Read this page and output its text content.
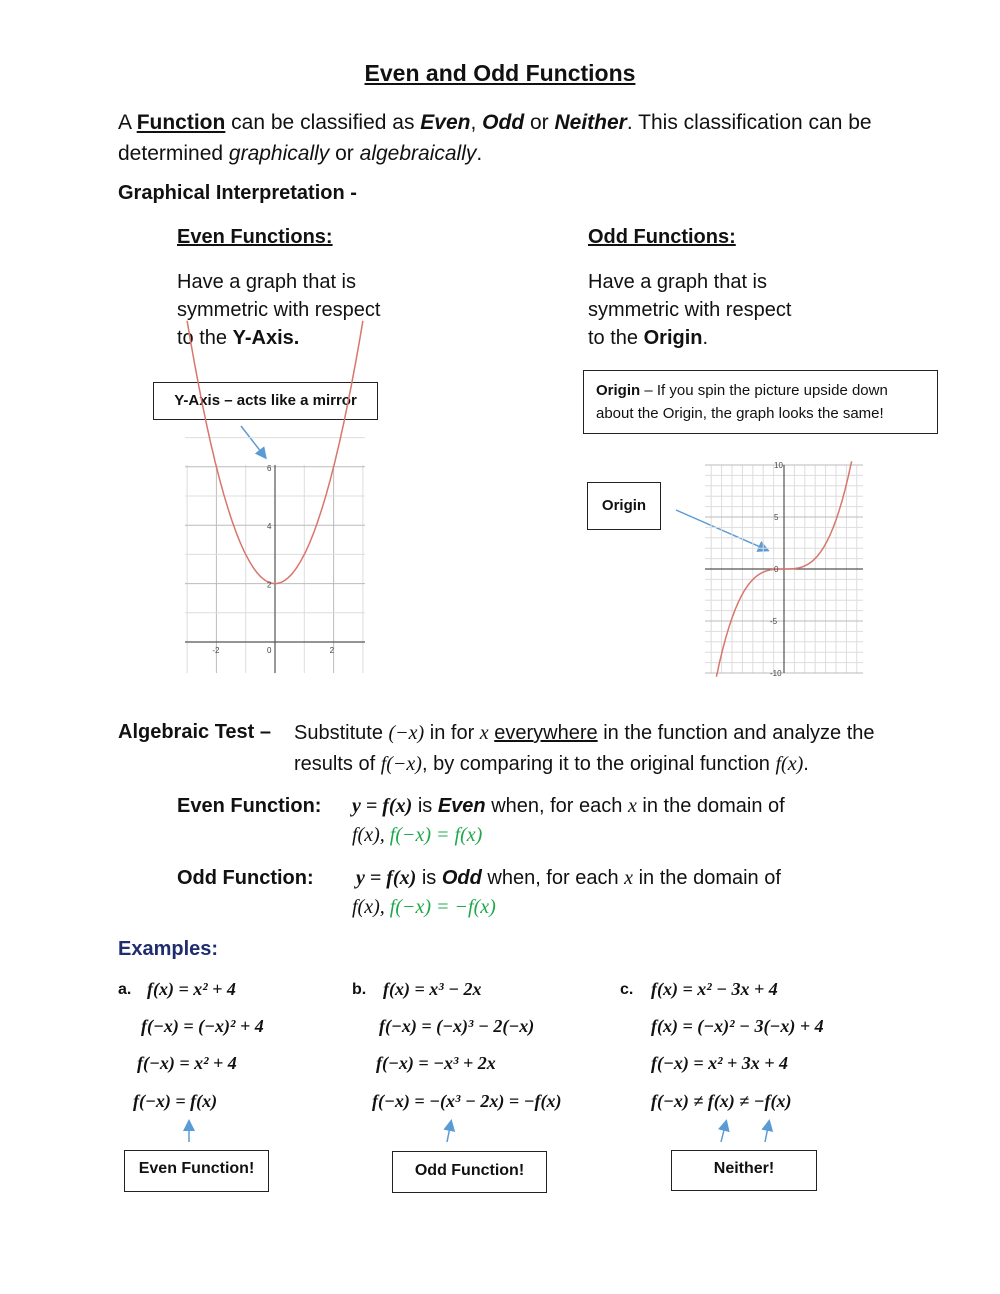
Even and Odd Functions
A Function can be classified as Even, Odd or Neither. This classification can be
determined graphically or algebraically.
Graphical Interpretation -
Even Functions:
Have a graph that is
symmetric with respect
to the Y-Axis.
Odd Functions:
Have a graph that is
symmetric with respect
to the Origin.
Y-Axis – acts like a mirror
Origin – If you spin the picture upside down
about the Origin, the graph looks the same!
Origin
-2	0	2
2
4
6	10
5
0
-5
-10
Algebraic Test – Substitute (−x) in for x everywhere in the function and analyze the
results of f(−x), by comparing it to the original function f(x).
Even Function: y = f(x) is Even when, for each x in the domain of
f(x), f(−x) = f(x)
Odd Function: y = f(x) is Odd when, for each x in the domain of
f(x), f(−x) = −f(x)
Examples:
a. f(x) = x² + 4
f(−x) = (−x)² + 4
f(−x) = x² + 4
f(−x) = f(x)
b. f(x) = x³ − 2x
f(−x) = (−x)³ − 2(−x)
f(−x) = −x³ + 2x
f(−x) = −(x³ − 2x) = −f(x)
c. f(x) = x² − 3x + 4
f(x) = (−x)² − 3(−x) + 4
f(−x) = x² + 3x + 4
f(−x) ≠ f(x) ≠ −f(x)
Even Function!	Odd Function!	Neither!
